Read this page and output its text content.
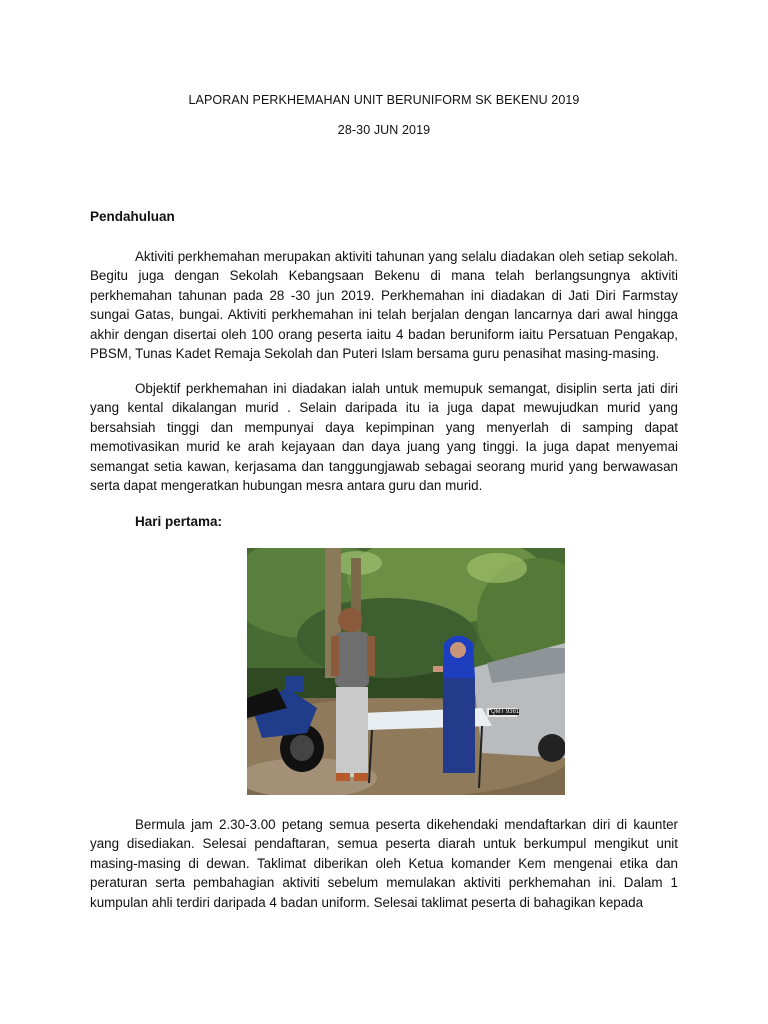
LAPORAN PERKHEMAHAN UNIT BERUNIFORM SK BEKENU 2019
28-30 JUN 2019
Pendahuluan

Aktiviti perkhemahan merupakan aktiviti tahunan yang selalu diadakan oleh setiap sekolah. Begitu juga dengan Sekolah Kebangsaan Bekenu di mana telah berlangsungnya aktiviti perkhemahan tahunan pada 28 -30 jun 2019. Perkhemahan ini diadakan di Jati Diri Farmstay sungai Gatas, bungai. Aktiviti perkhemahan ini telah berjalan dengan lancarnya dari awal hingga akhir dengan disertai oleh 100 orang peserta iaitu 4 badan beruniform iaitu Persatuan Pengakap, PBSM, Tunas Kadet Remaja Sekolah dan Puteri Islam bersama guru penasihat masing-masing.

Objektif perkhemahan ini diadakan ialah untuk memupuk semangat, disiplin serta jati diri yang kental dikalangan murid . Selain daripada itu ia juga dapat mewujudkan murid yang bersahsiah tinggi dan mempunyai daya kepimpinan yang menyerlah di samping dapat memotivasikan murid ke arah kejayaan dan daya juang yang tinggi. Ia juga dapat menyemai semangat setia kawan, kerjasama dan tanggungjawab sebagai seorang murid yang berwawasan serta dapat mengeratkan hubungan mesra antara guru dan murid.

Hari pertama:
QMT 9361

Bermula jam 2.30-3.00 petang semua peserta dikehendaki mendaftarkan diri di kaunter yang disediakan. Selesai pendaftaran, semua peserta diarah untuk berkumpul mengikut unit masing-masing di dewan. Taklimat diberikan oleh Ketua komander Kem mengenai etika dan peraturan serta pembahagian aktiviti sebelum memulakan aktiviti perkhemahan ini. Dalam 1 kumpulan ahli terdiri daripada 4 badan uniform. Selesai taklimat peserta di bahagikan kepada
